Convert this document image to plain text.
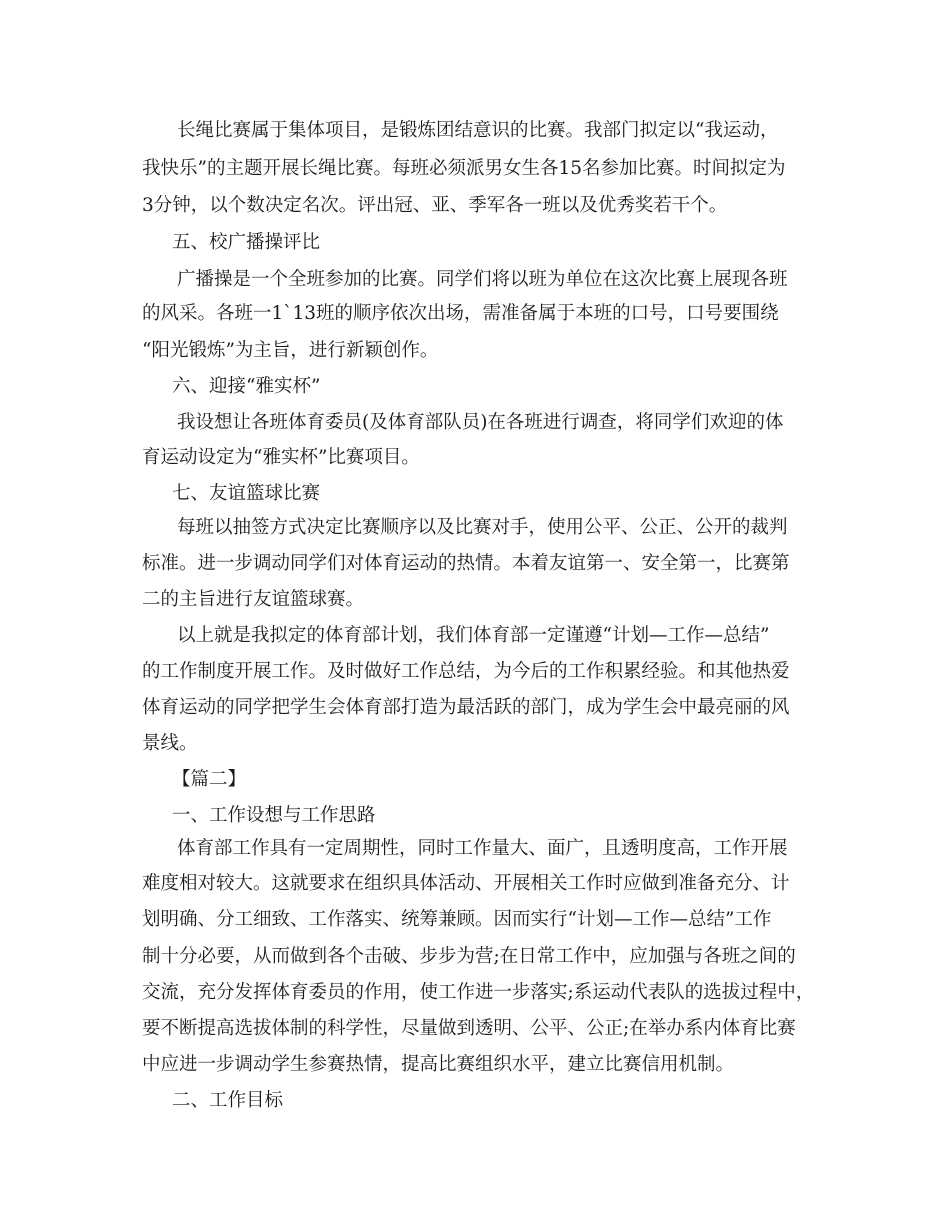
长绳比赛属于集体项目，是锻炼团结意识的比赛。我部门拟定以“我运动，
我快乐”的主题开展长绳比赛。每班必须派男女生各15名参加比赛。时间拟定为
3分钟，以个数决定名次。评出冠、亚、季军各一班以及优秀奖若干个。
五、校广播操评比
广播操是一个全班参加的比赛。同学们将以班为单位在这次比赛上展现各班
的风采。各班一1`13班的顺序依次出场，需准备属于本班的口号，口号要围绕
“阳光锻炼”为主旨，进行新颖创作。
六、迎接“雅实杯”
我设想让各班体育委员(及体育部队员)在各班进行调查，将同学们欢迎的体
育运动设定为“雅实杯”比赛项目。
七、友谊篮球比赛
每班以抽签方式决定比赛顺序以及比赛对手，使用公平、公正、公开的裁判
标准。进一步调动同学们对体育运动的热情。本着友谊第一、安全第一，比赛第
二的主旨进行友谊篮球赛。
以上就是我拟定的体育部计划，我们体育部一定谨遵“计划—工作—总结”
的工作制度开展工作。及时做好工作总结，为今后的工作积累经验。和其他热爱
体育运动的同学把学生会体育部打造为最活跃的部门，成为学生会中最亮丽的风
景线。
【篇二】
一、工作设想与工作思路
体育部工作具有一定周期性，同时工作量大、面广，且透明度高，工作开展
难度相对较大。这就要求在组织具体活动、开展相关工作时应做到准备充分、计
划明确、分工细致、工作落实、统筹兼顾。因而实行“计划—工作—总结”工作
制十分必要，从而做到各个击破、步步为营;在日常工作中，应加强与各班之间的
交流，充分发挥体育委员的作用，使工作进一步落实;系运动代表队的选拔过程中，
要不断提高选拔体制的科学性，尽量做到透明、公平、公正;在举办系内体育比赛
中应进一步调动学生参赛热情，提高比赛组织水平，建立比赛信用机制。
二、工作目标
